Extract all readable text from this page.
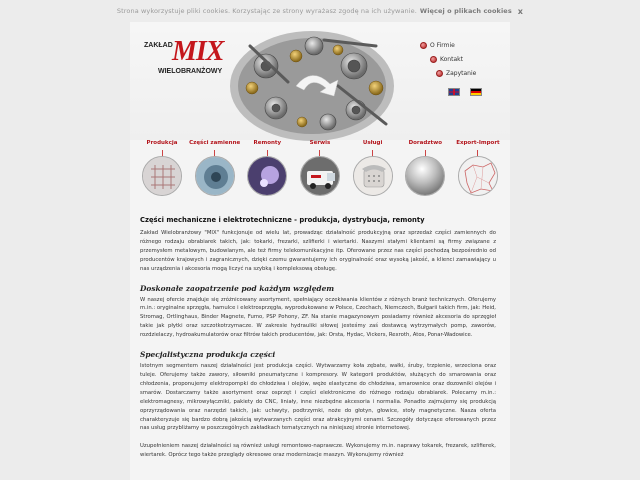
Strona wykorzystuje pliki cookies. Korzystając ze strony wyrażasz zgodę na ich używanie. Więcej o plikach cookies x
ZAKŁAD MIX
WIELOBRANŻOWY
O Firmie
Kontakt
Zapytanie
Produkcja Części zamienne Remonty	Serwis	Usługi	Doradztwo	Export-Import
Części mechaniczne i elektrotechniczne - produkcja, dystrybucja, remonty

Zakład Wielobranżowy "MIX" funkcjonuje od wielu lat, prowadząc działalność produkcyjną oraz sprzedaż części zamiennych do różnego rodzaju obrabiarek takich, jak: tokarki, frezarki, szlifierki i wiertarki. Naszymi stałymi klientami są firmy związane z przemysłem metalowym, budowlanym, ale też firmy telekomunikacyjne itp. Oferowane przez nas części pochodzą bezpośrednio od producentów krajowych i zagranicznych, dzięki czemu gwarantujemy ich oryginalność oraz wysoką jakość, a klienci zamawiający u nas urządzenia i akcesoria mogą liczyć na szybką i kompleksową obsługę.

Doskonałe zaopatrzenie pod każdym względem

W naszej ofercie znajduje się zróżnicowany asortyment, spełniający oczekiwania klientów z różnych branż technicznych. Oferujemy m.in.: oryginalne sprzęgła, hamulce i elektrosprzęgła, wyprodukowane w Polsce, Czechach, Niemczech, Bułgarii takich firm, jak: Heid, Stromag, Ortlinghaus, Binder Magnete, Fumo, PSP Pohony, ZF. Na stanie magazynowym posiadamy również akcesoria do sprzęgieł takie jak płytki oraz szczotkotrzymacze. W zakresie hydrauliki siłowej jesteśmy zaś dostawcą wytrzymałych pomp, zaworów, rozdzielaczy, hydroakumulatorów oraz filtrów takich producentów, jak: Orsta, Hydac, Vickers, Rexroth, Atos, Ponar-Wadowice.

Specjalistyczna produkcja części

Istotnym segmentem naszej działalności jest produkcja części. Wytwarzamy koła zębate, wałki, śruby, trzpienie, wrzeciona oraz tuleje. Oferujemy także zawory, siłowniki pneumatyczne i kompresory. W kategorii produktów, służących do smarowania oraz chłodzenia, proponujemy elektropompki do chłodziwa i olejów, węże elastyczne do chłodziwa, smarownice oraz dozowniki olejów i smarów. Dostarczamy także asortyment oraz osprzęt i części elektroniczne do różnego rodzaju obrabiarek. Polecamy m.in.: elektromagnesy, mikrowyłączniki, pakiety do CNC, liniały, inne niezbędne akcesoria i normalia. Ponadto zajmujemy się produkcją oprzyrządowania oraz narzędzi takich, jak: uchwyty, podtrzymki, noże do głotyn, głowice, stoły magnetyczne. Nasza oferta charakteryzuje się bardzo dobrą jakością wytwarzanych części oraz atrakcyjnymi cenami. Szczegóły dotyczące oferowanych przez nas usług przybliżamy w poszczególnych zakładkach tematycznych na niniejszej stronie internetowej.

Uzupełnieniem naszej działalności są również usługi remontowo-naprawcze. Wykonujemy m.in. naprawy tokarek, frezarek, szlifierek, wiertarek. Oprócz tego także przeglądy okresowe oraz modernizacje maszyn. Wykonujemy również
